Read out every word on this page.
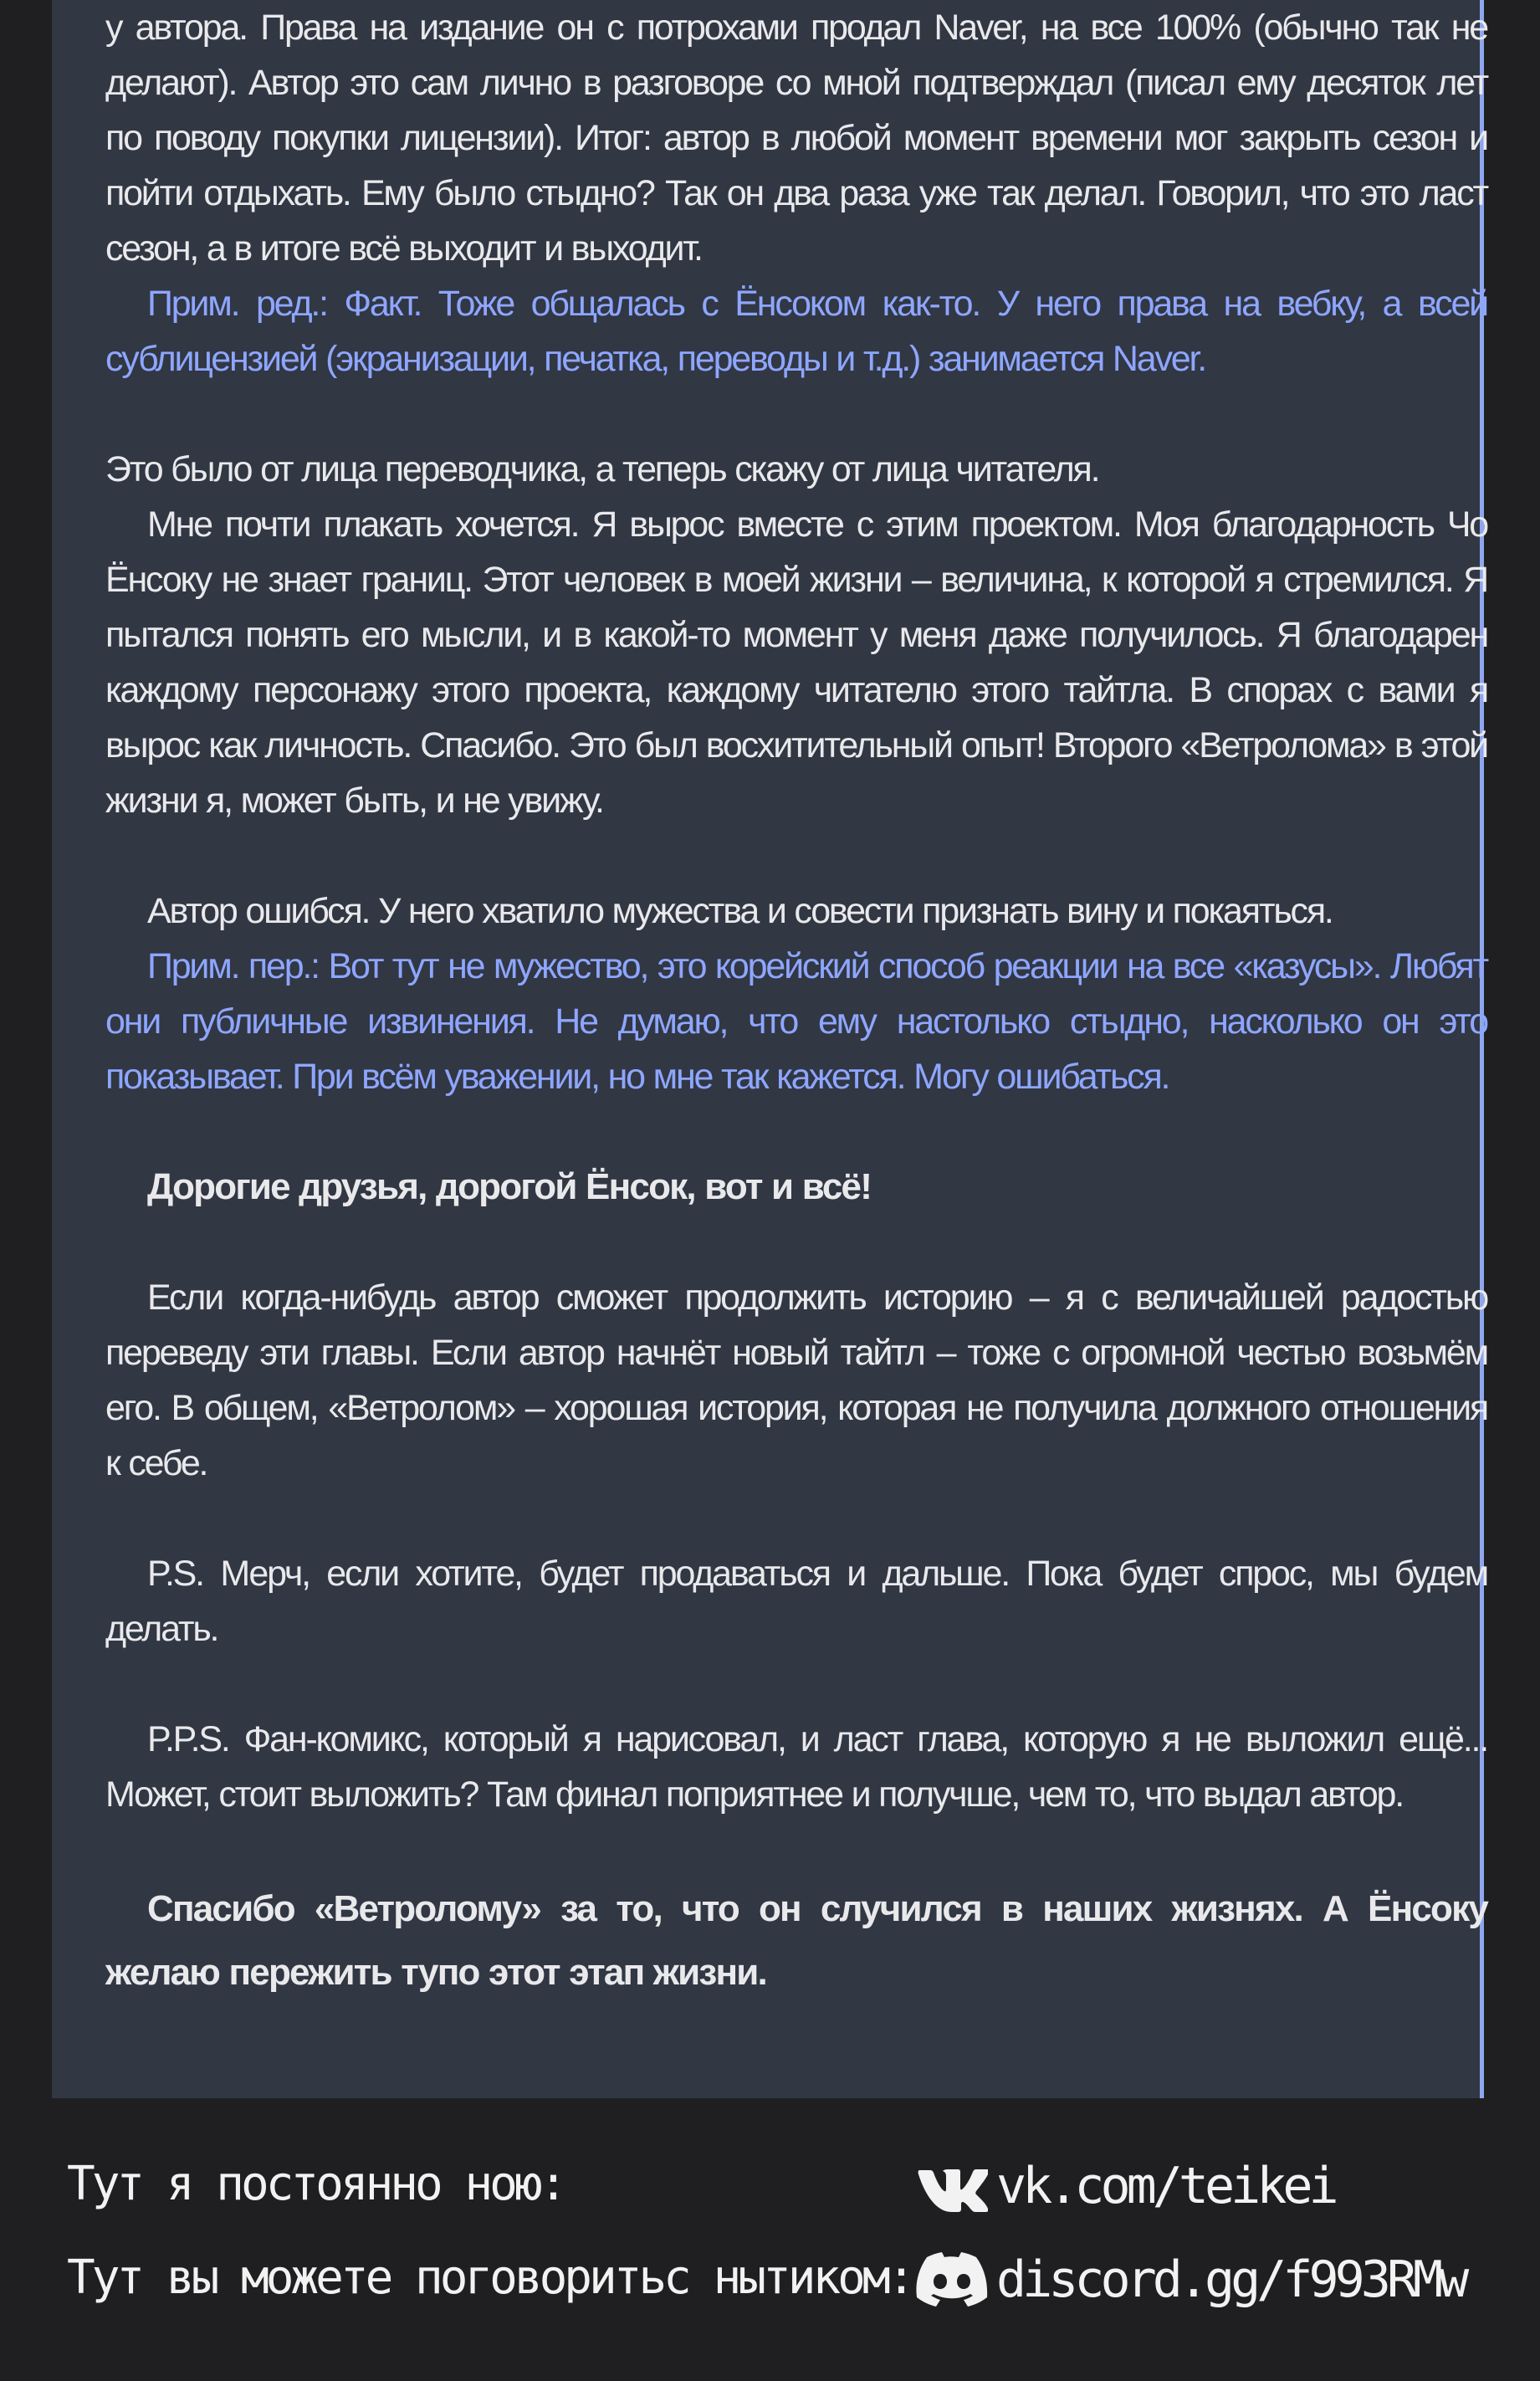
у автора. Права на издание он с потрохами продал Naver, на все 100% (обычно так не делают). Автор это сам лично в разговоре со мной подтверждал (писал ему десяток лет по поводу покупки лицензии). Итог: автор в любой момент времени мог закрыть сезон и пойти отдыхать. Ему было стыдно? Так он два раза уже так делал. Говорил, что это ласт сезон, а в итоге всё выходит и выходит.

Прим. ред.: Факт. Тоже общалась с Ёнсоком как-то. У него права на вебку, а всей сублицензией (экранизации, печатка, переводы и т.д.) занимается Naver.

Это было от лица переводчика, а теперь скажу от лица читателя.

Мне почти плакать хочется. Я вырос вместе с этим проектом. Моя благодарность Чо Ёнсоку не знает границ. Этот человек в моей жизни – величина, к которой я стремился. Я пытался понять его мысли, и в какой-то момент у меня даже получилось. Я благодарен каждому персонажу этого проекта, каждому читателю этого тайтла. В спорах с вами я вырос как личность. Спасибо. Это был восхитительный опыт! Второго «Ветролома» в этой жизни я, может быть, и не увижу.

Автор ошибся. У него хватило мужества и совести признать вину и покаяться.

Прим. пер.: Вот тут не мужество, это корейский способ реакции на все «казусы». Любят они публичные извинения. Не думаю, что ему настолько стыдно, насколько он это показывает. При всём уважении, но мне так кажется. Могу ошибаться.

Дорогие друзья, дорогой Ёнсок, вот и всё!

Если когда-нибудь автор сможет продолжить историю – я с величайшей радостью переведу эти главы. Если автор начнёт новый тайтл – тоже с огромной честью возьмём его. В общем, «Ветролом» – хорошая история, которая не получила должного отношения к себе.

P.S. Мерч, если хотите, будет продаваться и дальше. Пока будет спрос, мы будем делать.

P.P.S. Фан-комикс, который я нарисовал, и ласт глава, которую я не выложил ещё... Может, стоит выложить? Там финал поприятнее и получше, чем то, что выдал автор.

Спасибо «Ветролому» за то, что он случился в наших жизнях. А Ёнсоку желаю пережить тупо этот этап жизни.

Тут я постоянно ною:
Тут вы можете поговоритьс нытиком:
vk.com/teikei
discord.gg/f993RMw
